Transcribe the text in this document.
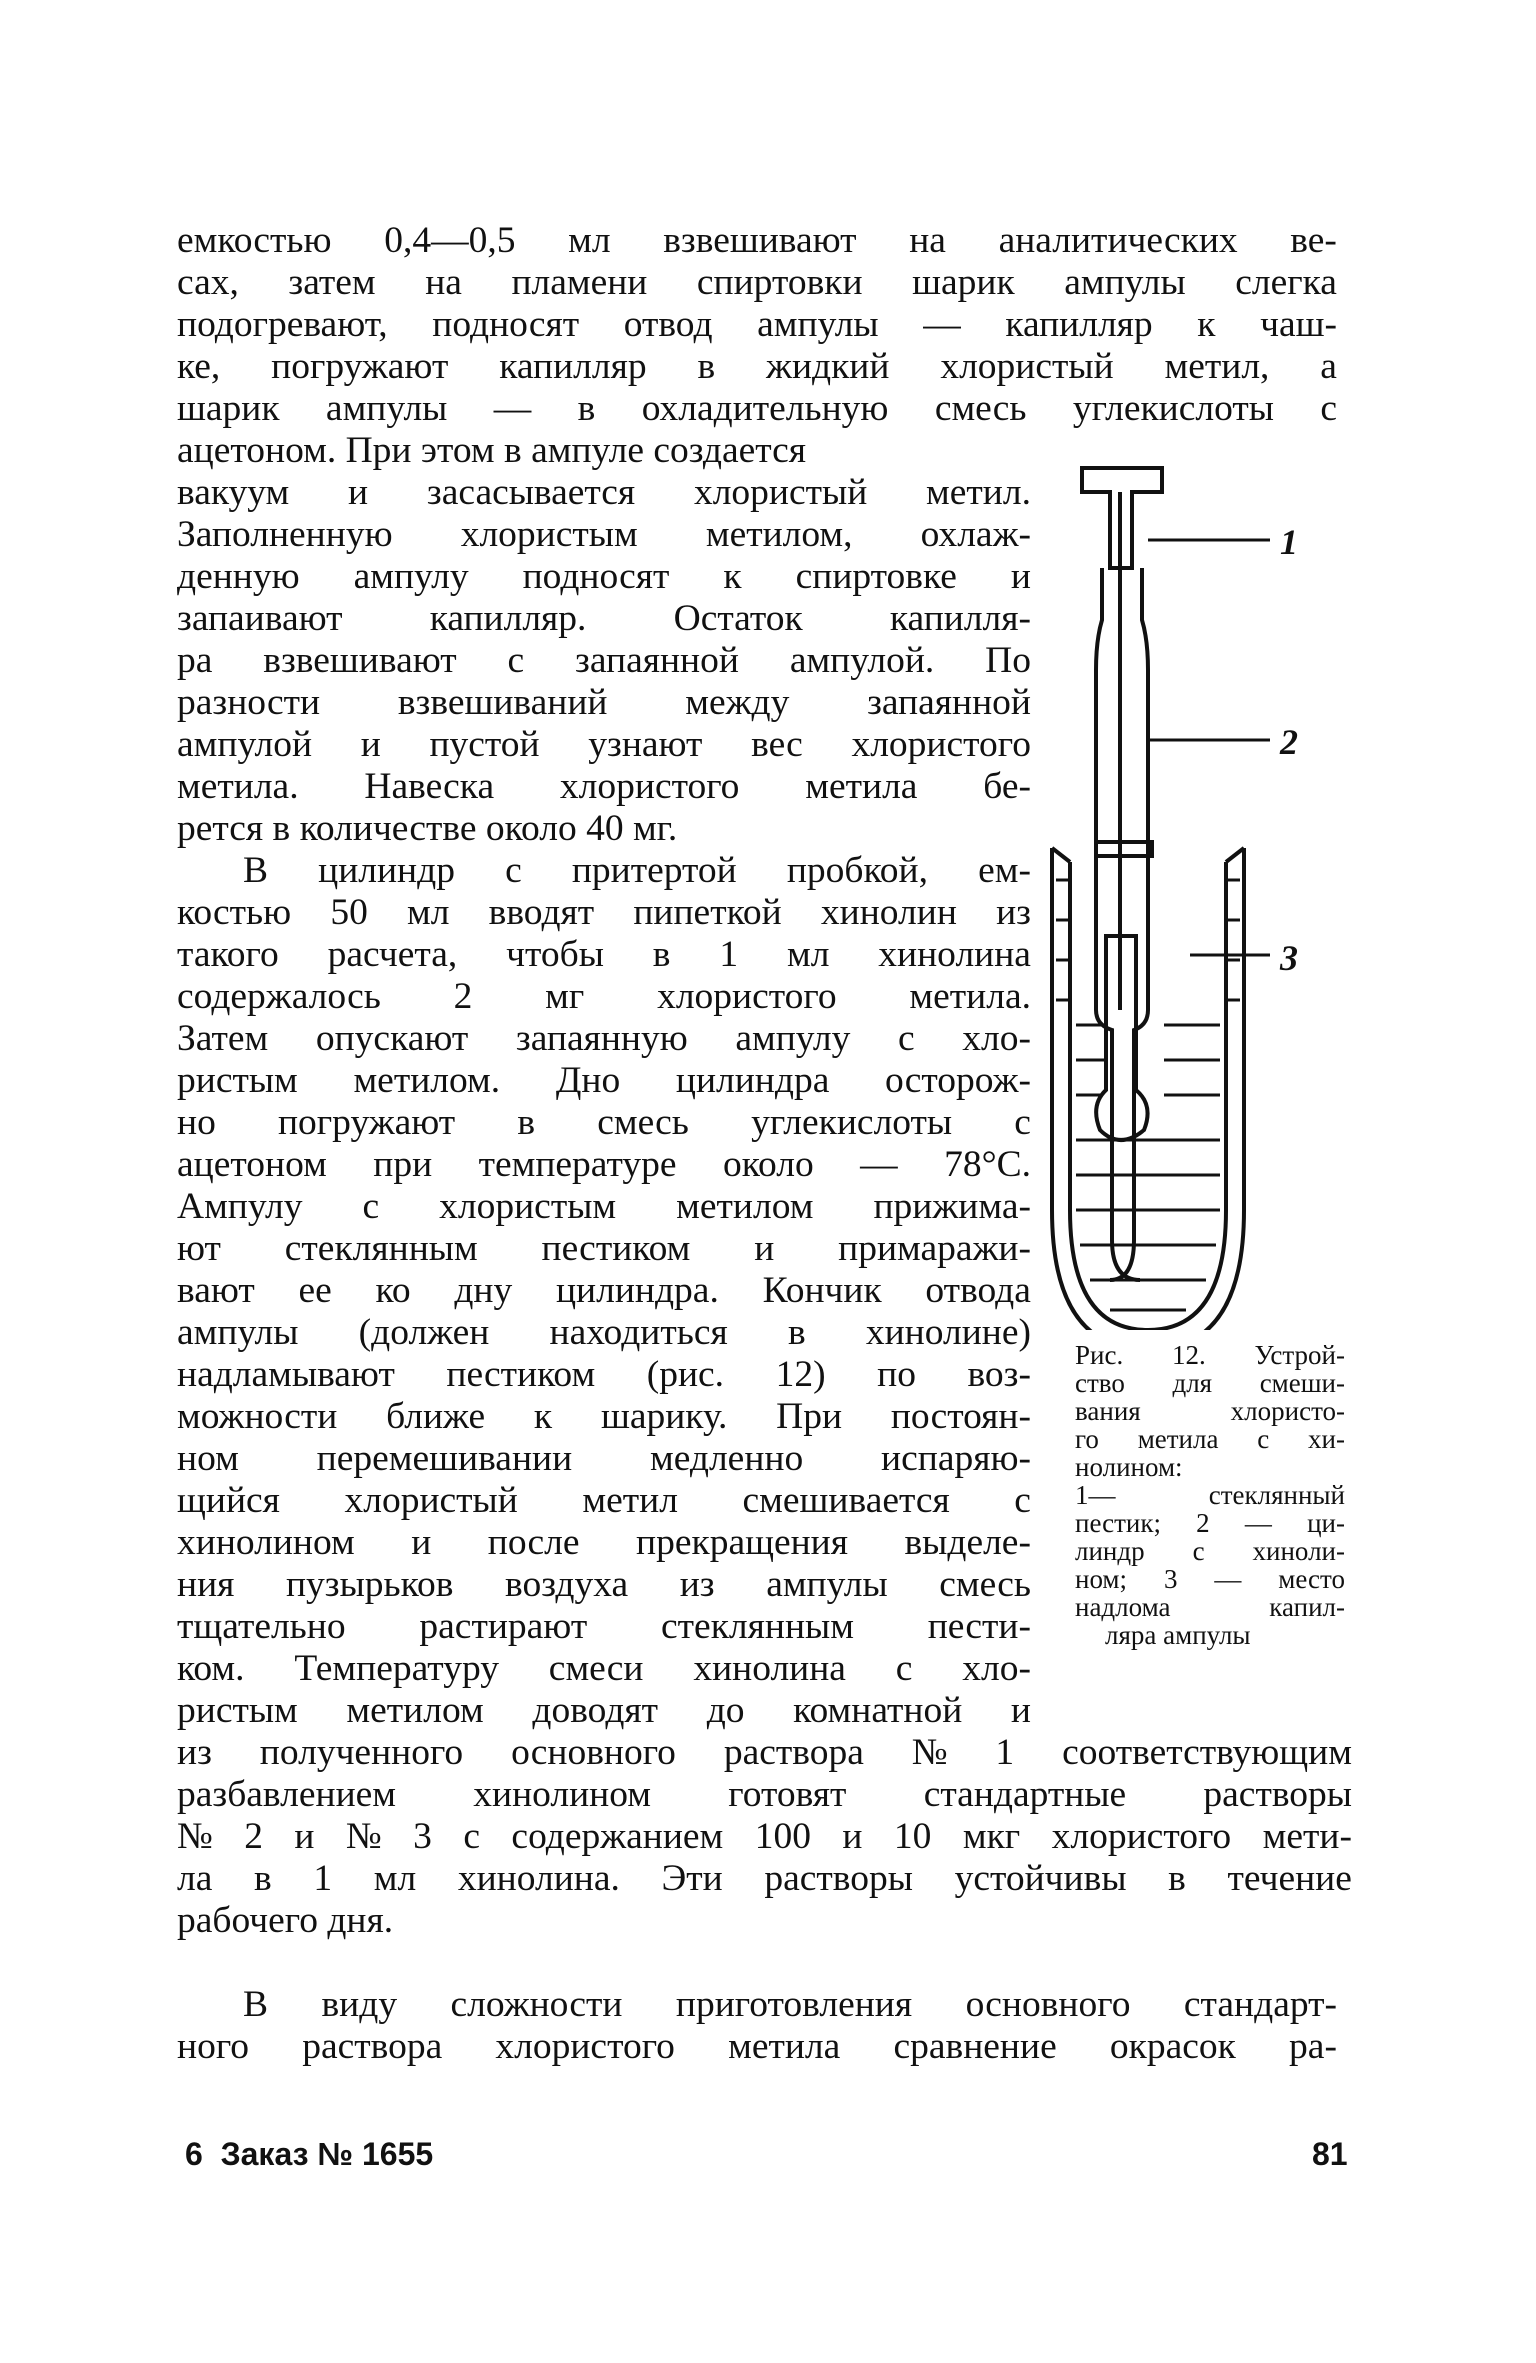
емкостью 0,4—0,5 мл взвешивают на аналитических ве-
сах, затем на пламени спиртовки шарик ампулы слегка
подогревают, подносят отвод ампулы — капилляр к чаш-
ке, погружают капилляр в жидкий хлористый метил, а
шарик ампулы — в охладительную смесь углекислоты с
ацетоном. При этом в ампуле создается
вакуум и засасывается хлористый метил.
Заполненную хлористым метилом, охлаж-
денную ампулу подносят к спиртовке и
запаивают капилляр. Остаток капилля-
ра взвешивают с запаянной ампулой. По
разности взвешиваний между запаянной
ампулой и пустой узнают вес хлористого
метила. Навеска хлористого метила бе-
рется в количестве около 40 мг.
В цилиндр с притертой пробкой, ем-
костью 50 мл вводят пипеткой хинолин из
такого расчета, чтобы в 1 мл хинолина
содержалось 2 мг хлористого метила.
Затем опускают запаянную ампулу с хло-
ристым метилом. Дно цилиндра осторож-
но погружают в смесь углекислоты с
ацетоном при температуре около — 78°С.
Ампулу с хлористым метилом прижима-
ют стеклянным пестиком и примаражи-
вают ее ко дну цилиндра. Кончик отвода
ампулы (должен находиться в хинолине)
надламывают пестиком (рис. 12) по воз-
можности ближе к шарику. При постоян-
ном перемешивании медленно испаряю-
щийся хлористый метил смешивается с
хинолином и после прекращения выделе-
ния пузырьков воздуха из ампулы смесь
тщательно растирают стеклянным пести-
ком. Температуру смеси хинолина с хло-
ристым метилом доводят до комнатной и
из полученного основного раствора № 1 соответствующим
разбавлением хинолином готовят стандартные растворы
№ 2 и № 3 с содержанием 100 и 10 мкг хлористого мети-
ла в 1 мл хинолина. Эти растворы устойчивы в течение
рабочего дня.
В виду сложности приготовления основного стандарт-
ного раствора хлористого метила сравнение окрасок ра-
1
2
3
Рис. 12. Устрой-
ство для смеши-
вания	хлористо-
го метила с хи-
нолином:
1—	стеклянный
пестик; 2 — ци-
линдр с хиноли-
ном; 3 — место
надлома	капил-
ляра ампулы
6  Заказ № 1655	81
